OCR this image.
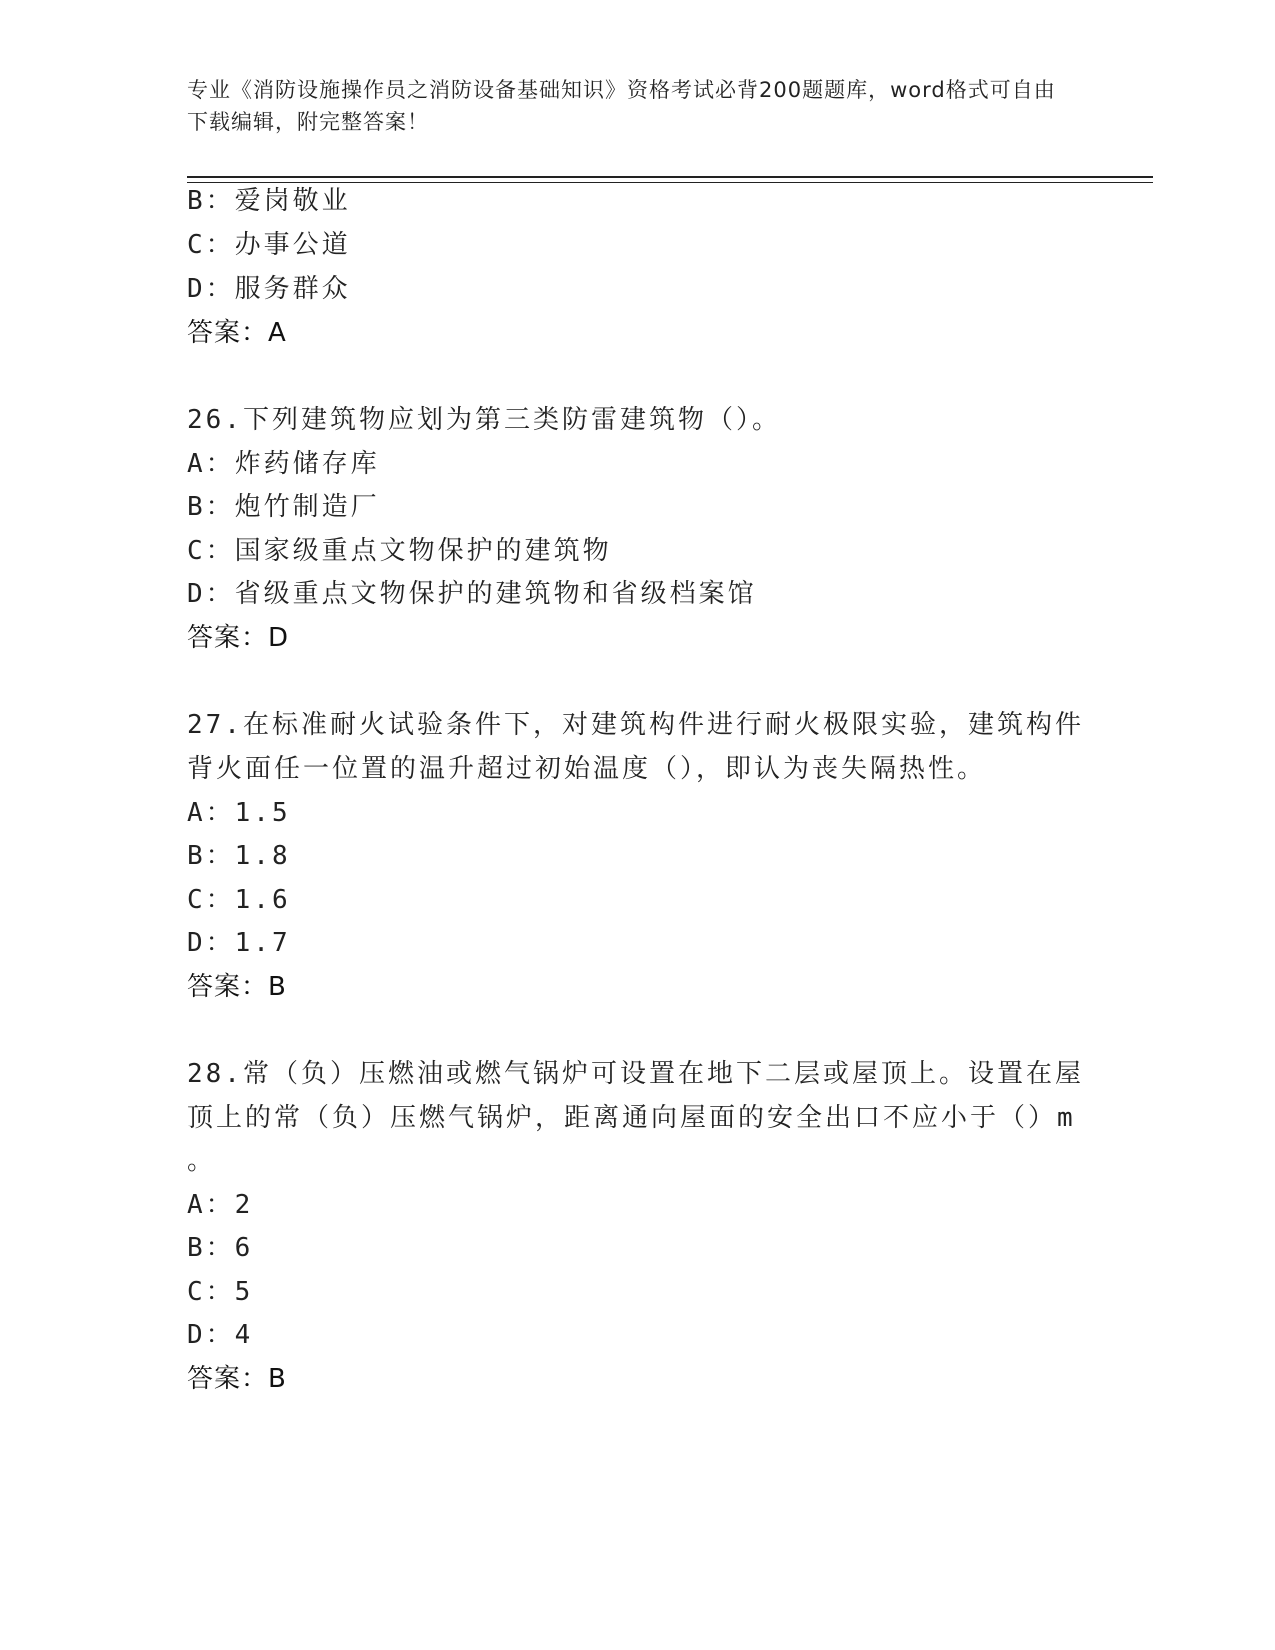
专业《消防设施操作员之消防设备基础知识》资格考试必背200题题库，word格式可自由下载编辑，附完整答案！
B：爱岗敬业
C：办事公道
D：服务群众
答案：A
26.下列建筑物应划为第三类防雷建筑物（）。
A：炸药储存库
B：炮竹制造厂
C：国家级重点文物保护的建筑物
D：省级重点文物保护的建筑物和省级档案馆
答案：D
27.在标准耐火试验条件下，对建筑构件进行耐火极限实验，建筑构件
背火面任一位置的温升超过初始温度（），即认为丧失隔热性。
A：1.5
B：1.8
C：1.6
D：1.7
答案：B
28.常（负）压燃油或燃气锅炉可设置在地下二层或屋顶上。设置在屋
顶上的常（负）压燃气锅炉，距离通向屋面的安全出口不应小于（）m
。
A：2
B：6
C：5
D：4
答案：B
